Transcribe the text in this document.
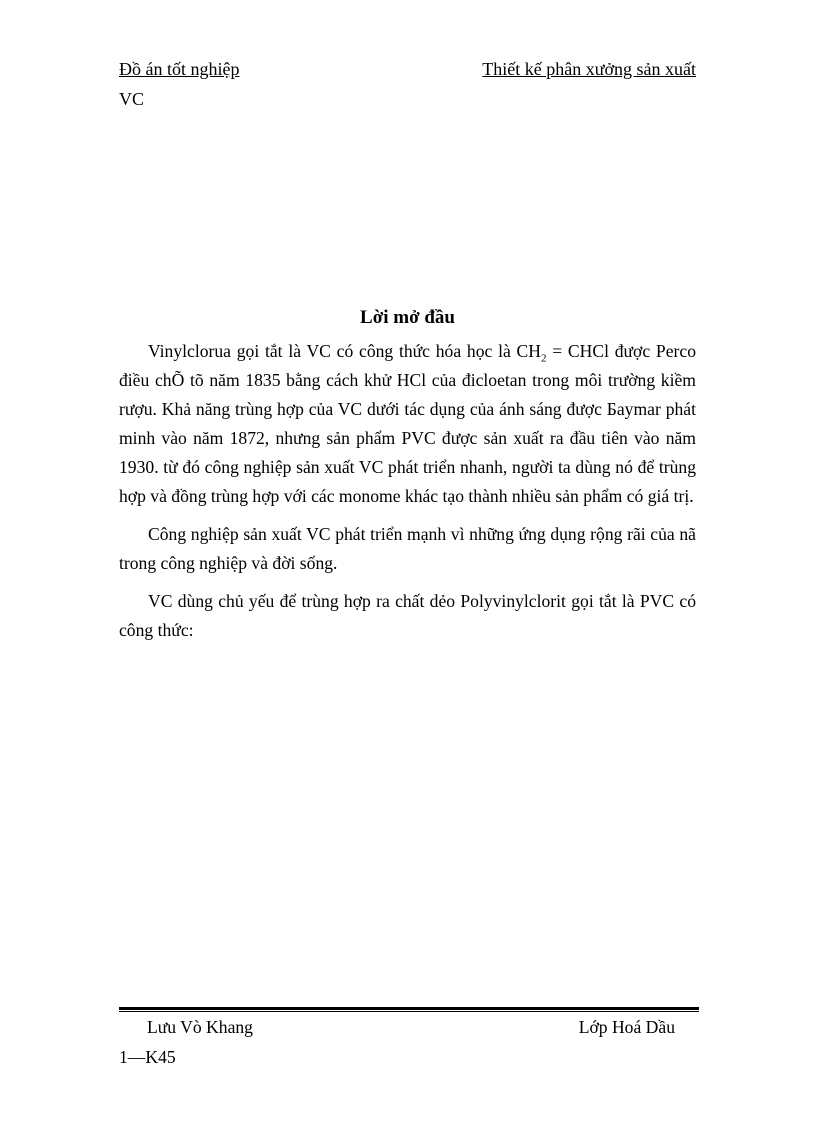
Đồ án tốt nghiệp	Thiết kế phân xưởng sản xuất
VC
Lời mở đầu

Vinylclorua gọi tắt là VC có công thức hóa học là $CH_2$ = CHCl được Perco điều chÕ tõ năm 1835 bằng cách khử HCl của đicloetan trong môi trường kiềm rượu. Khả năng trùng hợp của VC dưới tác dụng của ánh sáng được Баymar phát minh vào năm 1872, nhưng sản phẩm PVC được sản xuất ra đầu tiên vào năm 1930. từ đó công nghiệp sản xuất VC phát triển nhanh, người ta dùng nó để trùng hợp và đồng trùng hợp với các monome khác tạo thành nhiều sản phẩm có giá trị.

Công nghiệp sản xuất VC phát triển mạnh vì những ứng dụng rộng rãi của nã trong công nghiệp và đời sống.

VC dùng chủ yếu để trùng hợp ra chất dẻo Polyvinylclorit gọi tắt là PVC có công thức:

Lưu Vò Khang	Lớp Hoá Dầu
1—K45
